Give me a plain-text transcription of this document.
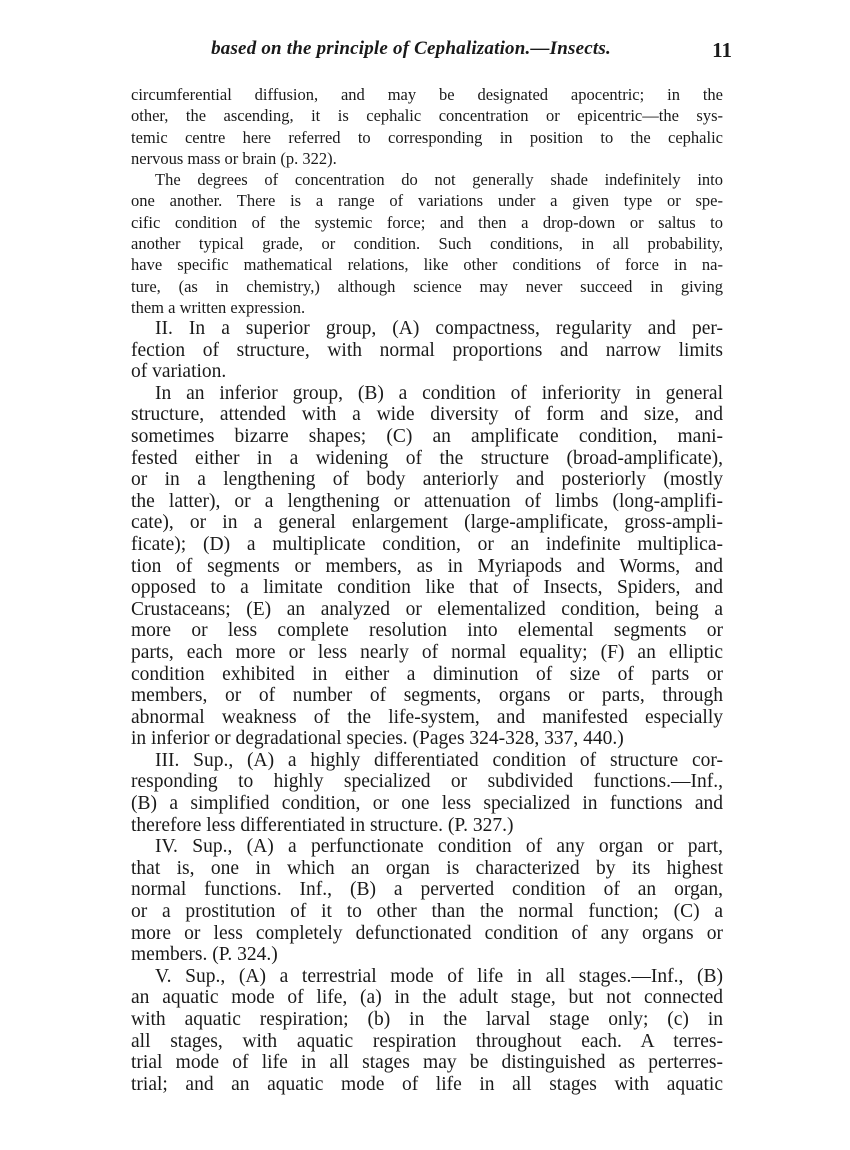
based on the principle of Cephalization.—Insects.	11
circumferential diffusion, and may be designated apocentric; in the
other, the ascending, it is cephalic concentration or epicentric—the sys-
temic centre here referred to corresponding in position to the cephalic
nervous mass or brain (p. 322).
The degrees of concentration do not generally shade indefinitely into
one another. There is a range of variations under a given type or spe-
cific condition of the systemic force; and then a drop-down or saltus to
another typical grade, or condition. Such conditions, in all probability,
have specific mathematical relations, like other conditions of force in na-
ture, (as in chemistry,) although science may never succeed in giving
them a written expression.
II. In a superior group, (A) compactness, regularity and per-
fection of structure, with normal proportions and narrow limits
of variation.
In an inferior group, (B) a condition of inferiority in general
structure, attended with a wide diversity of form and size, and
sometimes bizarre shapes; (C) an amplificate condition, mani-
fested either in a widening of the structure (broad-amplificate),
or in a lengthening of body anteriorly and posteriorly (mostly
the latter), or a lengthening or attenuation of limbs (long-amplifi-
cate), or in a general enlargement (large-amplificate, gross-ampli-
ficate); (D) a multiplicate condition, or an indefinite multiplica-
tion of segments or members, as in Myriapods and Worms, and
opposed to a limitate condition like that of Insects, Spiders, and
Crustaceans; (E) an analyzed or elementalized condition, being a
more or less complete resolution into elemental segments or
parts, each more or less nearly of normal equality; (F) an elliptic
condition exhibited in either a diminution of size of parts or
members, or of number of segments, organs or parts, through
abnormal weakness of the life-system, and manifested especially
in inferior or degradational species. (Pages 324-328, 337, 440.)
III. Sup., (A) a highly differentiated condition of structure cor-
responding to highly specialized or subdivided functions.—Inf.,
(B) a simplified condition, or one less specialized in functions and
therefore less differentiated in structure. (P. 327.)
IV. Sup., (A) a perfunctionate condition of any organ or part,
that is, one in which an organ is characterized by its highest
normal functions. Inf., (B) a perverted condition of an organ,
or a prostitution of it to other than the normal function; (C) a
more or less completely defunctionated condition of any organs or
members. (P. 324.)
V. Sup., (A) a terrestrial mode of life in all stages.—Inf., (B)
an aquatic mode of life, (a) in the adult stage, but not connected
with aquatic respiration; (b) in the larval stage only; (c) in
all stages, with aquatic respiration throughout each. A terres-
trial mode of life in all stages may be distinguished as perterres-
trial; and an aquatic mode of life in all stages with aquatic
